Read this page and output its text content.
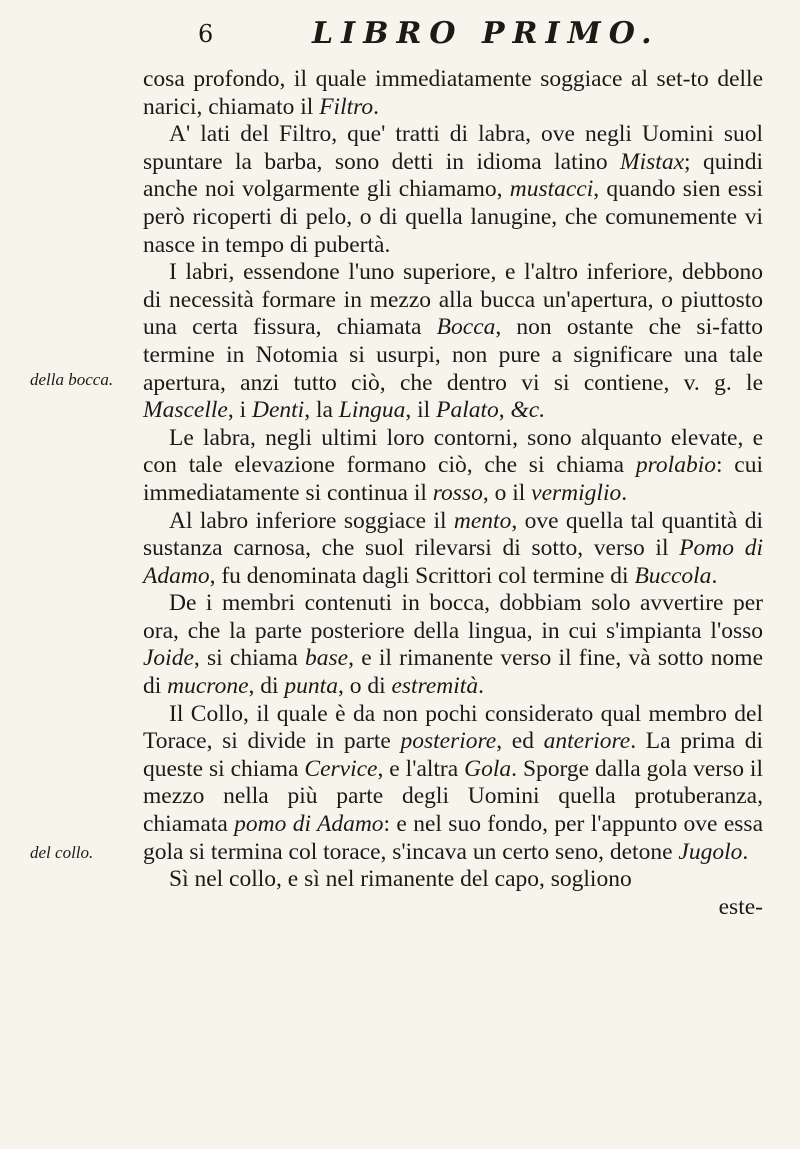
6	LIBRO PRIMO.
della bocca.
del collo.

cosa profondo, il quale immediatamente soggiace al set-to delle narici, chiamato il Filtro.

A' lati del Filtro, que' tratti di labra, ove negli Uomini suol spuntare la barba, sono detti in idioma latino Mistax; quindi anche noi volgarmente gli chiamamo, mustacci, quando sien essi però ricoperti di pelo, o di quella lanugine, che comunemente vi nasce in tempo di pubertà.

I labri, essendone l'uno superiore, e l'altro inferiore, debbono di necessità formare in mezzo alla bucca un'apertura, o piuttosto una certa fissura, chiamata Bocca, non ostante che si-fatto termine in Notomia si usurpi, non pure a significare una tale apertura, anzi tutto ciò, che dentro vi si contiene, v. g. le Mascelle, i Denti, la Lingua, il Palato, &c.

Le labra, negli ultimi loro contorni, sono alquanto elevate, e con tale elevazione formano ciò, che si chiama prolabio: cui immediatamente si continua il rosso, o il vermiglio.

Al labro inferiore soggiace il mento, ove quella tal quantità di sustanza carnosa, che suol rilevarsi di sotto, verso il Pomo di Adamo, fu denominata dagli Scrittori col termine di Buccola.

De i membri contenuti in bocca, dobbiam solo avvertire per ora, che la parte posteriore della lingua, in cui s'impianta l'osso Joide, si chiama base, e il rimanente verso il fine, và sotto nome di mucrone, di punta, o di estremità.

Il Collo, il quale è da non pochi considerato qual membro del Torace, si divide in parte posteriore, ed anteriore. La prima di queste si chiama Cervice, e l'altra Gola. Sporge dalla gola verso il mezzo nella più parte degli Uomini quella protuberanza, chiamata pomo di Adamo: e nel suo fondo, per l'appunto ove essa gola si termina col torace, s'incava un certo seno, detone Jugolo.

Sì nel collo, e sì nel rimanente del capo, sogliono

este-
